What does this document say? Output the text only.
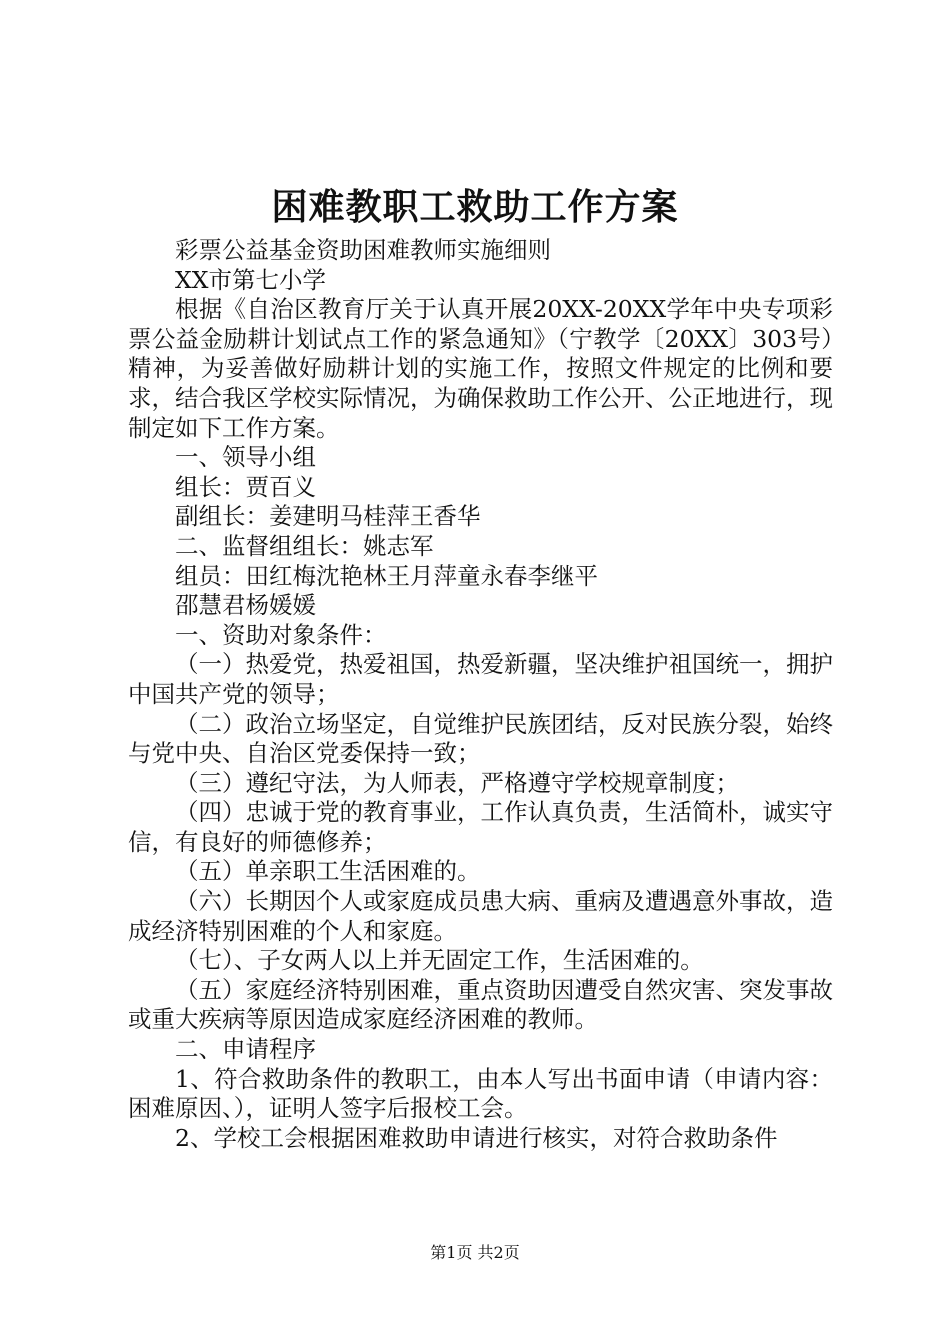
困难教职工救助工作方案

彩票公益基金资助困难教师实施细则

XX市第七小学

根据《自治区教育厅关于认真开展20XX-20XX学年中央专项彩票公益金励耕计划试点工作的紧急通知》（宁教学〔20XX〕303号）精神，为妥善做好励耕计划的实施工作，按照文件规定的比例和要求，结合我区学校实际情况，为确保救助工作公开、公正地进行，现制定如下工作方案。

一、领导小组

组长：贾百义

副组长：姜建明马桂萍王香华

二、监督组组长：姚志军

组员：田红梅沈艳林王月萍童永春李继平

邵慧君杨媛媛

一、资助对象条件：

（一）热爱党，热爱祖国，热爱新疆，坚决维护祖国统一，拥护中国共产党的领导；

（二）政治立场坚定，自觉维护民族团结，反对民族分裂，始终与党中央、自治区党委保持一致；

（三）遵纪守法，为人师表，严格遵守学校规章制度；

（四）忠诚于党的教育事业，工作认真负责，生活简朴，诚实守信，有良好的师德修养；

（五）单亲职工生活困难的。

（六）长期因个人或家庭成员患大病、重病及遭遇意外事故，造成经济特别困难的个人和家庭。

（七）、子女两人以上并无固定工作，生活困难的。

（五）家庭经济特别困难，重点资助因遭受自然灾害、突发事故或重大疾病等原因造成家庭经济困难的教师。

二、申请程序

1、符合救助条件的教职工，由本人写出书面申请（申请内容：困难原因、），证明人签字后报校工会。

2、学校工会根据困难救助申请进行核实，对符合救助条件

第1页 共2页
